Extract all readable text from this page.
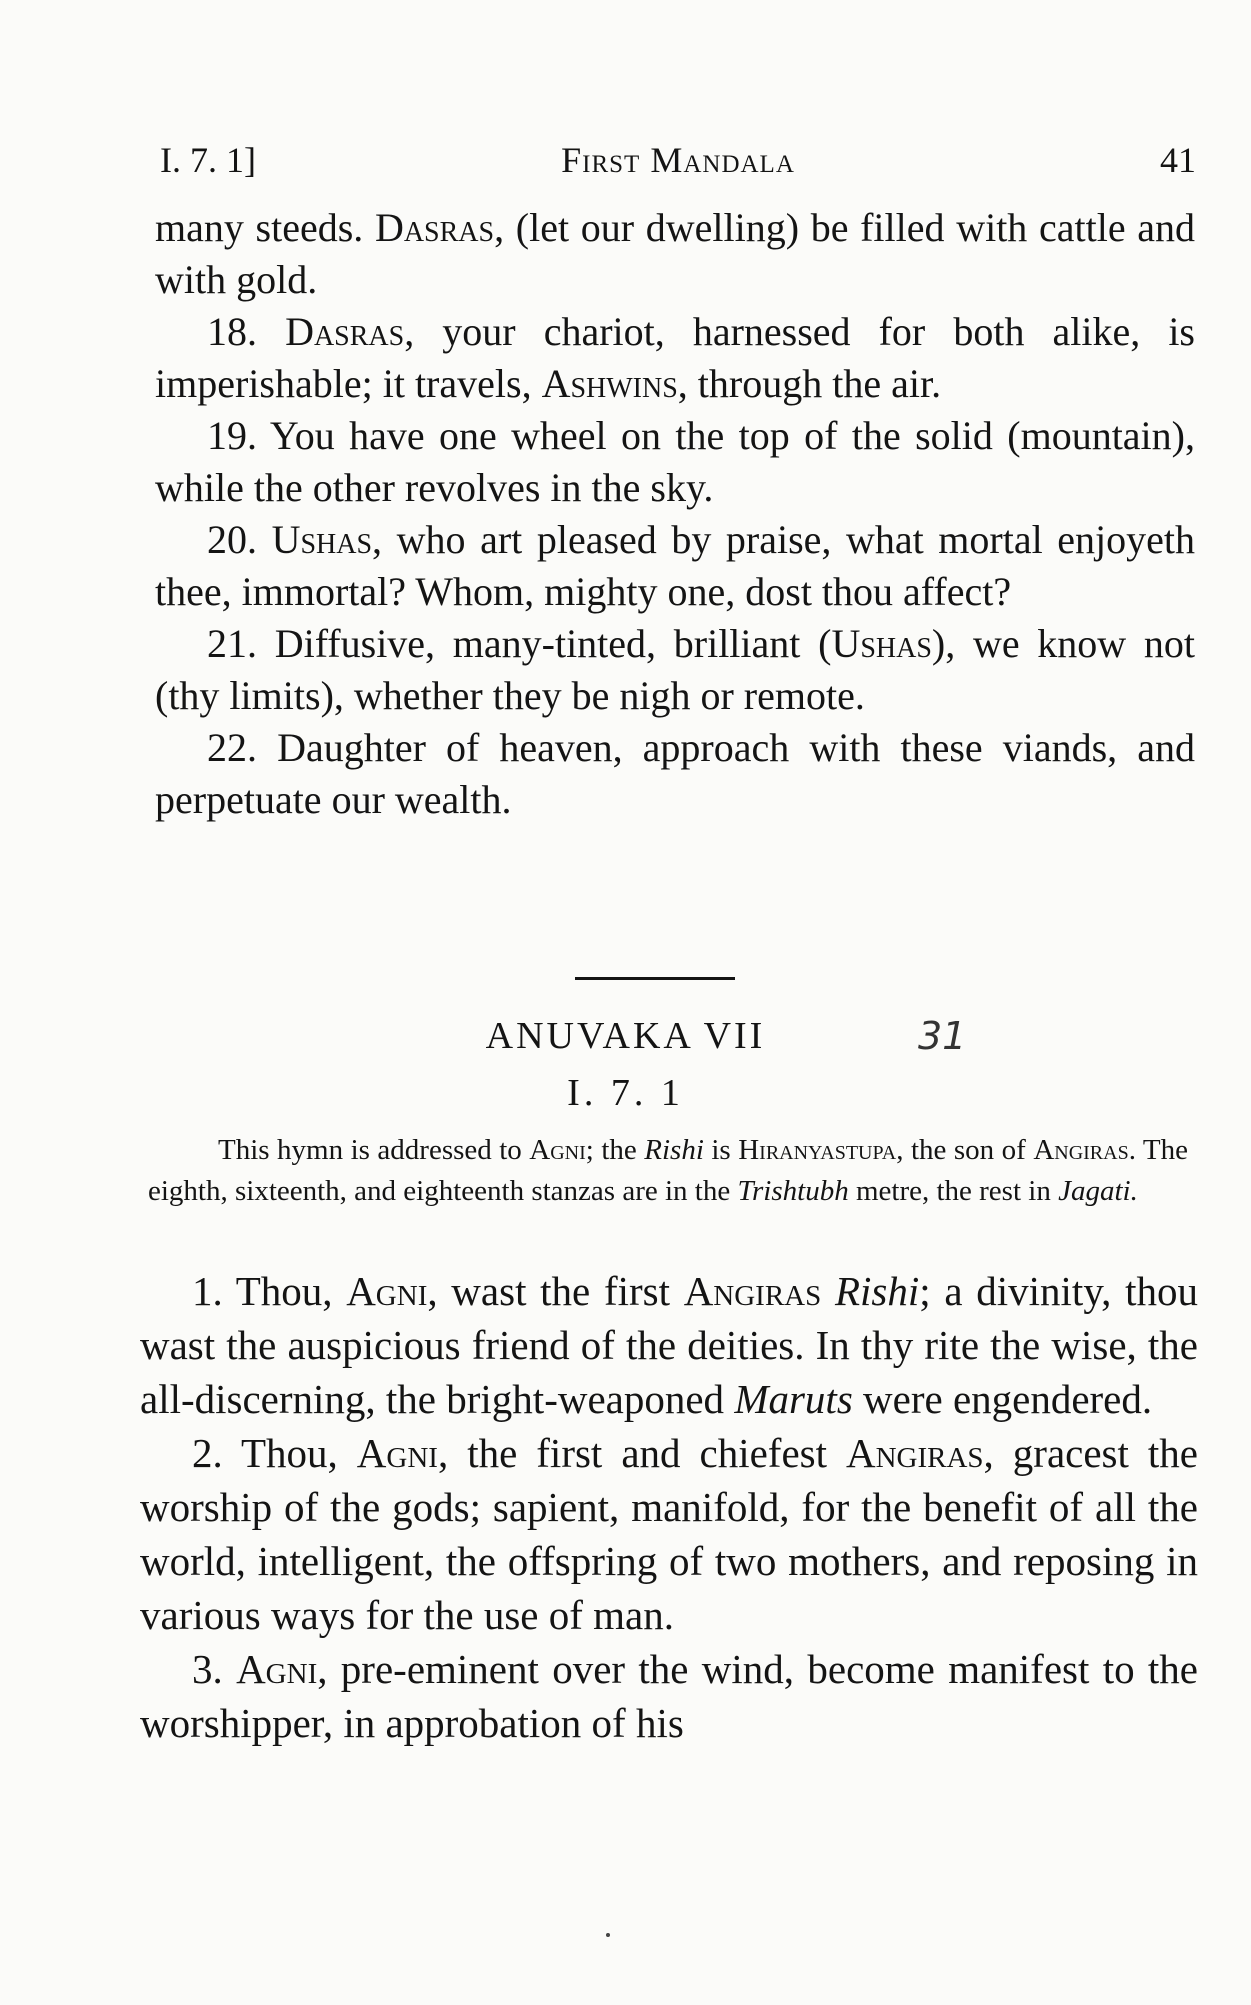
I. 7. 1]	First Mandala	41

many steeds. Dasras, (let our dwelling) be filled with cattle and with gold.

18. Dasras, your chariot, harnessed for both alike, is imperishable; it travels, Ashwins, through the air.

19. You have one wheel on the top of the solid (mountain), while the other revolves in the sky.

20. Ushas, who art pleased by praise, what mortal enjoyeth thee, immortal? Whom, mighty one, dost thou affect?

21. Diffusive, many-tinted, brilliant (Ushas), we know not (thy limits), whether they be nigh or remote.

22. Daughter of heaven, approach with these viands, and perpetuate our wealth.

ANUVAKA VII	31
I. 7. 1

This hymn is addressed to Agni; the Rishi is Hiranyastupa, the son of Angiras. The eighth, sixteenth, and eighteenth stanzas are in the Trishtubh metre, the rest in Jagati.

1. Thou, Agni, wast the first Angiras Rishi; a divinity, thou wast the auspicious friend of the deities. In thy rite the wise, the all-discerning, the bright-weaponed Maruts were engendered.

2. Thou, Agni, the first and chiefest Angiras, gracest the worship of the gods; sapient, manifold, for the benefit of all the world, intelligent, the offspring of two mothers, and reposing in various ways for the use of man.

3. Agni, pre-eminent over the wind, become manifest to the worshipper, in approbation of his
